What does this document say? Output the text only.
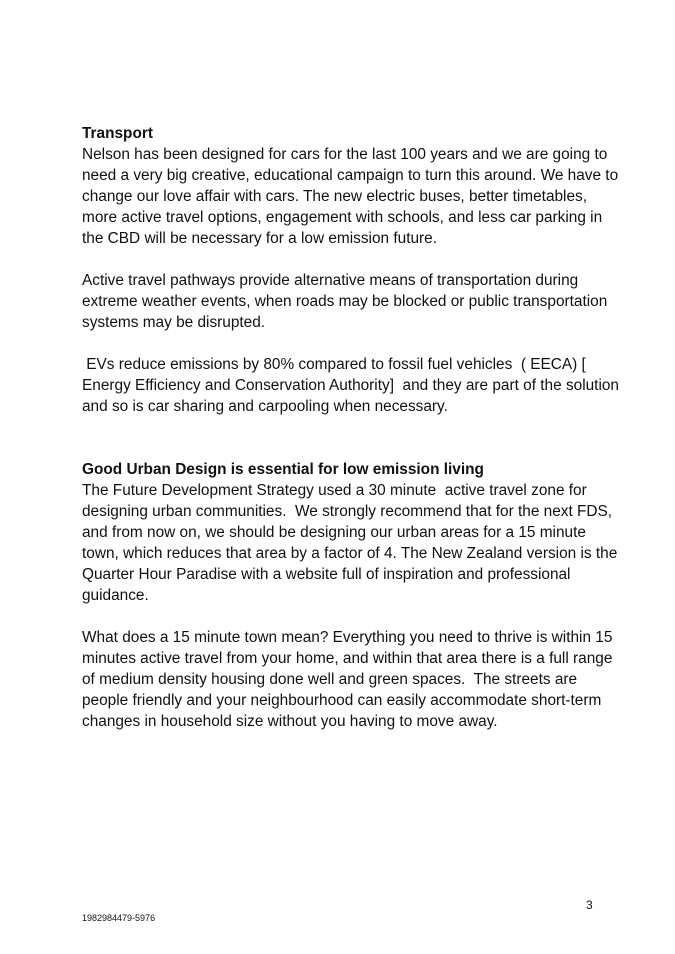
Transport

Nelson has been designed for cars for the last 100 years and we are going to need a very big creative, educational campaign to turn this around. We have to change our love affair with cars. The new electric buses, better timetables, more active travel options, engagement with schools, and less car parking in the CBD will be necessary for a low emission future.

Active travel pathways provide alternative means of transportation during extreme weather events, when roads may be blocked or public transportation systems may be disrupted.

EVs reduce emissions by 80% compared to fossil fuel vehicles  ( EECA) [ Energy Efficiency and Conservation Authority]  and they are part of the solution and so is car sharing and carpooling when necessary.

Good Urban Design is essential for low emission living

The Future Development Strategy used a 30 minute  active travel zone for designing urban communities.  We strongly recommend that for the next FDS, and from now on, we should be designing our urban areas for a 15 minute town, which reduces that area by a factor of 4. The New Zealand version is the Quarter Hour Paradise with a website full of inspiration and professional guidance.

What does a 15 minute town mean? Everything you need to thrive is within 15 minutes active travel from your home, and within that area there is a full range of medium density housing done well and green spaces.  The streets are people friendly and your neighbourhood can easily accommodate short-term changes in household size without you having to move away.

3
1982984479-5976
